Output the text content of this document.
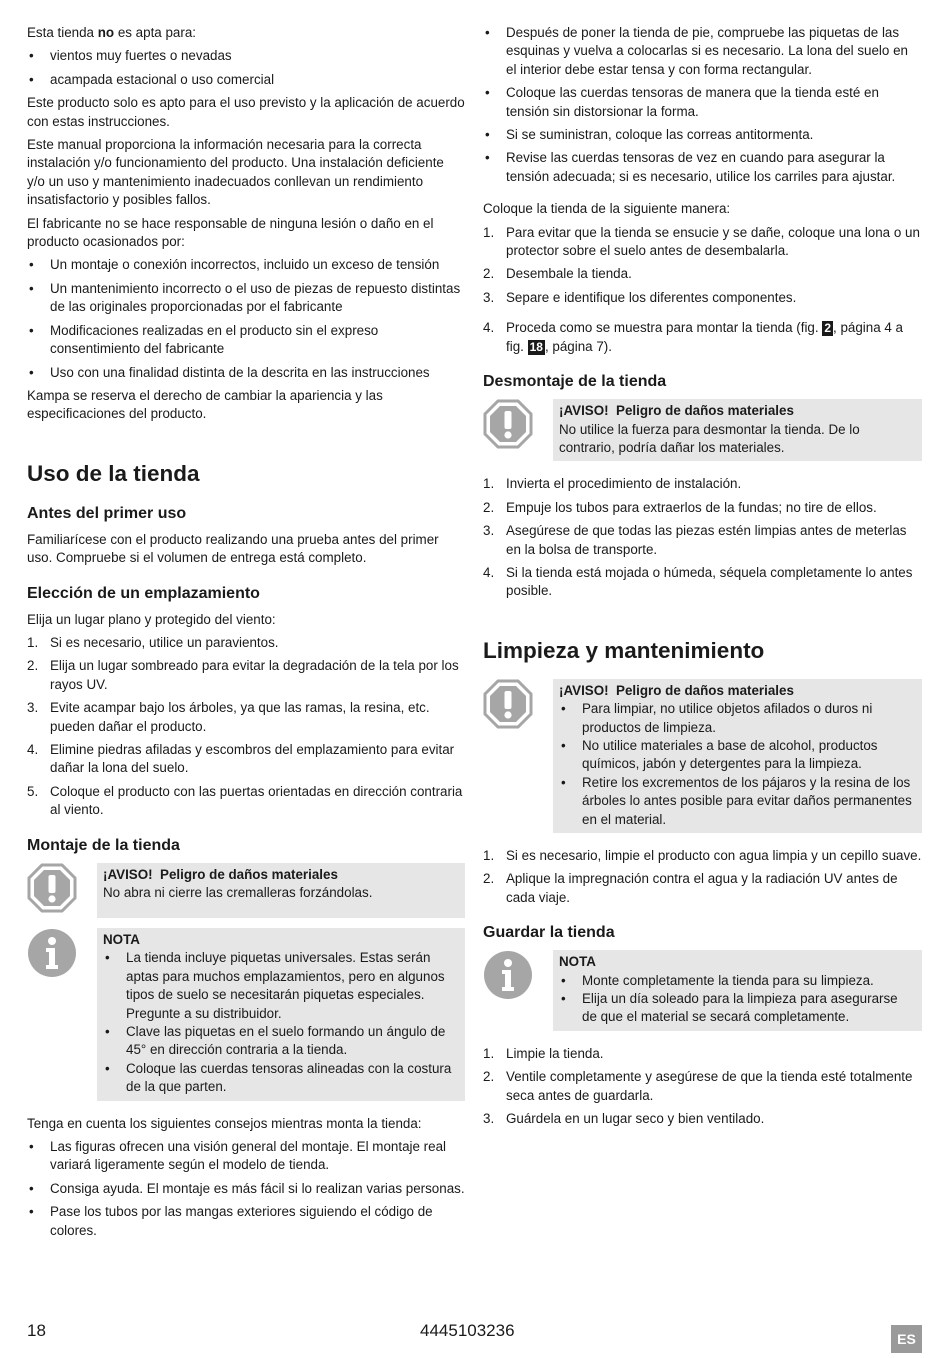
Esta tienda no es apta para:

• vientos muy fuertes o nevadas
• acampada estacional o uso comercial

Este producto solo es apto para el uso previsto y la aplicación de acuerdo con estas instrucciones.

Este manual proporciona la información necesaria para la correcta instalación y/o funcionamiento del producto. Una instalación deficiente y/o un uso y mantenimiento inadecuados conllevan un rendimiento insatisfactorio y posibles fallos.

El fabricante no se hace responsable de ninguna lesión o daño en el producto ocasionados por:

• Un montaje o conexión incorrectos, incluido un exceso de tensión
• Un mantenimiento incorrecto o el uso de piezas de repuesto distintas de las originales proporcionadas por el fabricante
• Modificaciones realizadas en el producto sin el expreso consentimiento del fabricante
• Uso con una finalidad distinta de la descrita en las instrucciones

Kampa se reserva el derecho de cambiar la apariencia y las especificaciones del producto.

Uso de la tienda
Antes del primer uso

Familiarícese con el producto realizando una prueba antes del primer uso. Compruebe si el volumen de entrega está completo.

Elección de un emplazamiento

Elija un lugar plano y protegido del viento:

1. Si es necesario, utilice un paravientos.
2. Elija un lugar sombreado para evitar la degradación de la tela por los rayos UV.
3. Evite acampar bajo los árboles, ya que las ramas, la resina, etc. pueden dañar el producto.
4. Elimine piedras afiladas y escombros del emplazamiento para evitar dañar la lona del suelo.
5. Coloque el producto con las puertas orientadas en dirección contraria al viento.
Montaje de la tienda
¡AVISO! Peligro de daños materiales
No abra ni cierre las cremalleras forzándolas.
NOTA
• La tienda incluye piquetas universales. Estas serán aptas para muchos emplazamientos, pero en algunos tipos de suelo se necesitarán piquetas especiales. Pregunte a su distribuidor.
• Clave las piquetas en el suelo formando un ángulo de 45° en dirección contraria a la tienda.
• Coloque las cuerdas tensoras alineadas con la costura de la que parten.

Tenga en cuenta los siguientes consejos mientras monta la tienda:

• Las figuras ofrecen una visión general del montaje. El montaje real variará ligeramente según el modelo de tienda.
• Consiga ayuda. El montaje es más fácil si lo realizan varias personas.
• Pase los tubos por las mangas exteriores siguiendo el código de colores.
• Después de poner la tienda de pie, compruebe las piquetas de las esquinas y vuelva a colocarlas si es necesario. La lona del suelo en el interior debe estar tensa y con forma rectangular.
• Coloque las cuerdas tensoras de manera que la tienda esté en tensión sin distorsionar la forma.
• Si se suministran, coloque las correas antitormenta.
• Revise las cuerdas tensoras de vez en cuando para asegurar la tensión adecuada; si es necesario, utilice los carriles para ajustar.

Coloque la tienda de la siguiente manera:

1. Para evitar que la tienda se ensucie y se dañe, coloque una lona o un protector sobre el suelo antes de desembalarla.
2. Desembale la tienda.
3. Separe e identifique los diferentes componentes.
4. Proceda como se muestra para montar la tienda (fig. 2 , página 4 a fig. 18 , página 7).
Desmontaje de la tienda
¡AVISO! Peligro de daños materiales
No utilice la fuerza para desmontar la tienda. De lo contrario, podría dañar los materiales.
1. Invierta el procedimiento de instalación.
2. Empuje los tubos para extraerlos de la fundas; no tire de ellos.
3. Asegúrese de que todas las piezas estén limpias antes de meterlas en la bolsa de transporte.
4. Si la tienda está mojada o húmeda, séquela completamente lo antes posible.
Limpieza y mantenimiento
¡AVISO! Peligro de daños materiales
• Para limpiar, no utilice objetos afilados o duros ni productos de limpieza.
• No utilice materiales a base de alcohol, productos químicos, jabón y detergentes para la limpieza.
• Retire los excrementos de los pájaros y la resina de los árboles lo antes posible para evitar daños permanentes en el material.
1. Si es necesario, limpie el producto con agua limpia y un cepillo suave.
2. Aplique la impregnación contra el agua y la radiación UV antes de cada viaje.
Guardar la tienda
NOTA
• Monte completamente la tienda para su limpieza.
• Elija un día soleado para la limpieza para asegurarse de que el material se secará completamente.
1. Limpie la tienda.
2. Ventile completamente y asegúrese de que la tienda esté totalmente seca antes de guardarla.
3. Guárdela en un lugar seco y bien ventilado.
18	4445103236	ES
